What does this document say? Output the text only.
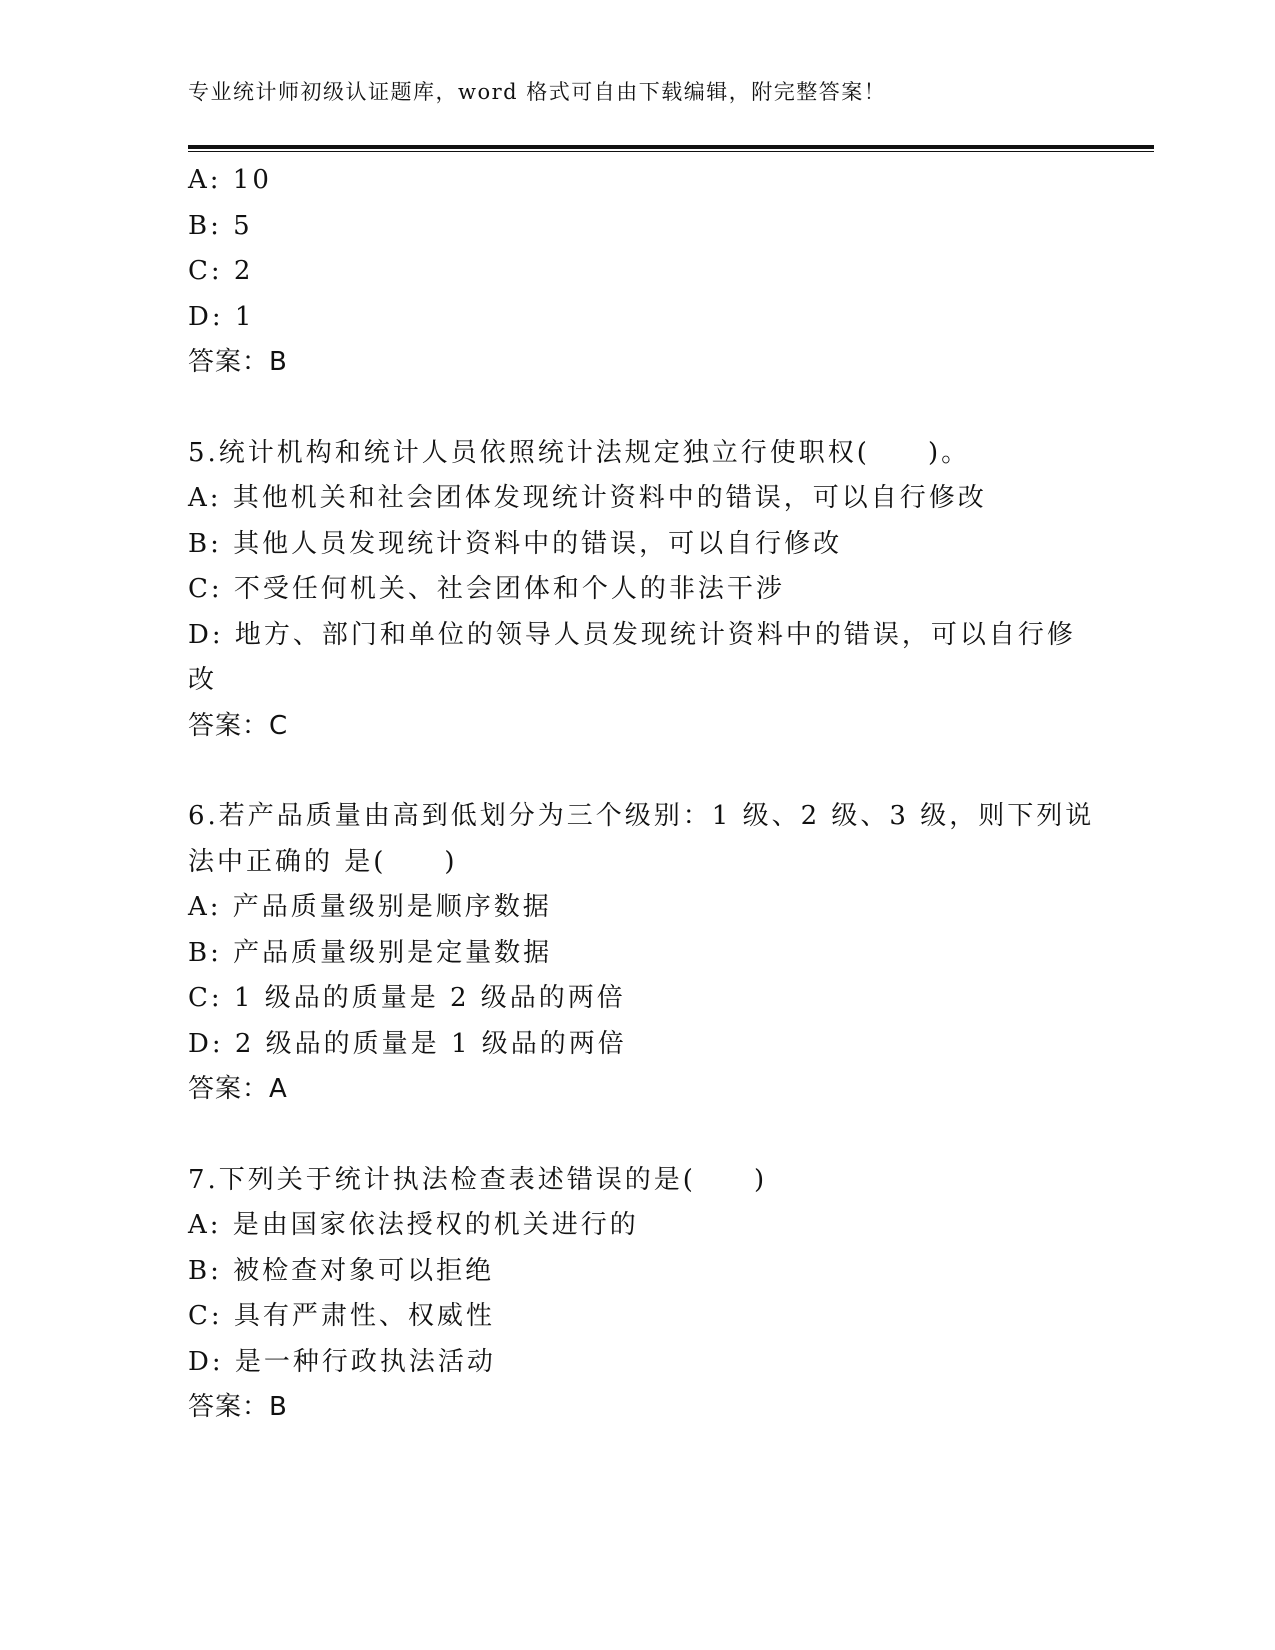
专业统计师初级认证题库，word 格式可自由下载编辑，附完整答案！
A: 10
B: 5
C: 2
D: 1
答案：B
5.统计机构和统计人员依照统计法规定独立行使职权(　　)。
A: 其他机关和社会团体发现统计资料中的错误，可以自行修改
B: 其他人员发现统计资料中的错误，可以自行修改
C: 不受任何机关、社会团体和个人的非法干涉
D: 地方、部门和单位的领导人员发现统计资料中的错误，可以自行修
改
答案：C
6.若产品质量由高到低划分为三个级别：1 级、2 级、3 级，则下列说
法中正确的 是(　　)
A: 产品质量级别是顺序数据
B: 产品质量级别是定量数据
C: 1 级品的质量是 2 级品的两倍
D: 2 级品的质量是 1 级品的两倍
答案：A
7.下列关于统计执法检查表述错误的是(　　)
A: 是由国家依法授权的机关进行的
B: 被检查对象可以拒绝
C: 具有严肃性、权威性
D: 是一种行政执法活动
答案：B
